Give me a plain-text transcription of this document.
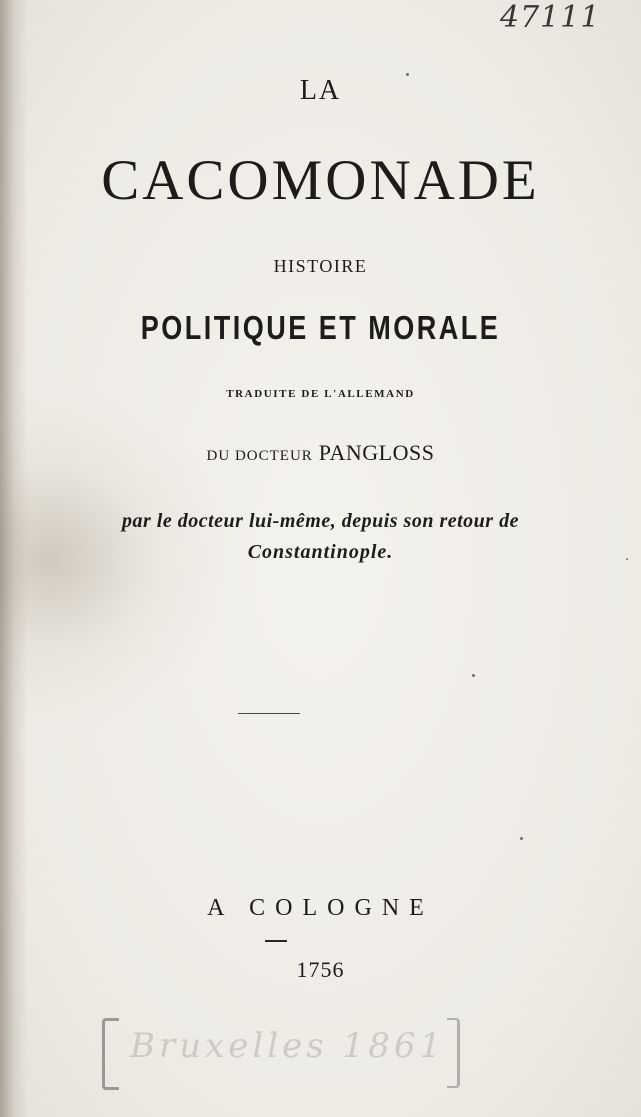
47111
LA
CACOMONADE
HISTOIRE
POLITIQUE ET MORALE
TRADUITE DE L'ALLEMAND
DU DOCTEUR PANGLOSS
par le docteur lui-même, depuis son retour de
Constantinople.
A COLOGNE
1756
Bruxelles 1861
